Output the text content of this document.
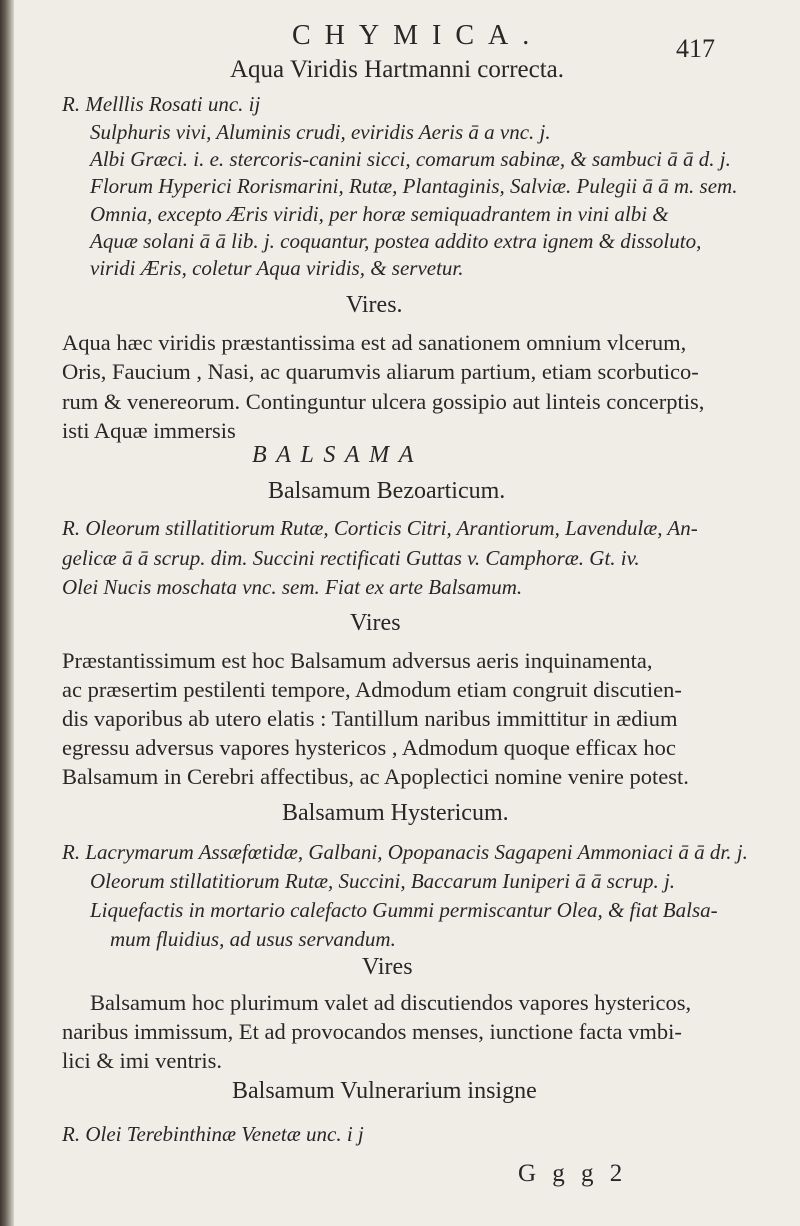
CHYMICA.	417
Aqua Viridis Hartmanni correcta.
R. Melllis Rosati unc. ij
Sulphuris vivi, Aluminis crudi, eviridis Aeris ā a vnc. j.
Albi Græci. i. e. stercoris-canini sicci, comarum sabinæ, & sambuci ā ā d. j.
Florum Hyperici Rorismarini, Rutæ, Plantaginis, Salviæ. Pulegii ā ā m. sem.
Omnia, excepto Æris viridi, per horæ semiquadrantem in vini albi &
Aquæ solani ā ā lib. j. coquantur, postea addito extra ignem & dissoluto,
viridi Æris, coletur Aqua viridis, & servetur.
Vires.
Aqua hæc viridis præstantissima est ad sanationem omnium vlcerum,
Oris, Faucium , Nasi, ac quarumvis aliarum partium, etiam scorbutico-
rum & venereorum. Continguntur ulcera gossipio aut linteis concerptis,
isti Aquæ immersis
B A L S A M A
Balsamum Bezoarticum.
R. Oleorum stillatitiorum Rutæ, Corticis Citri, Arantiorum, Lavendulæ, An-
gelicæ ā ā scrup. dim. Succini rectificati Guttas v. Camphoræ. Gt. iv.
Olei Nucis moschata vnc. sem. Fiat ex arte Balsamum.
Vires
Præstantissimum est hoc Balsamum adversus aeris inquinamenta,
ac præsertim pestilenti tempore, Admodum etiam congruit discutien-
dis vaporibus ab utero elatis : Tantillum naribus immittitur in ædium
egressu adversus vapores hystericos , Admodum quoque efficax hoc
Balsamum in Cerebri affectibus, ac Apoplectici nomine venire potest.
Balsamum Hystericum.
R. Lacrymarum Assæfœtidæ, Galbani, Opopanacis Sagapeni Ammoniaci ā ā dr. j.
Oleorum stillatitiorum Rutæ, Succini, Baccarum Iuniperi ā ā scrup. j.
Liquefactis in mortario calefacto Gummi permiscantur Olea, & fiat Balsa-
mum fluidius, ad usus servandum.
Vires
Balsamum hoc plurimum valet ad discutiendos vapores hystericos,
naribus immissum, Et ad provocandos menses, iunctione facta vmbi-
lici & imi ventris.
Balsamum Vulnerarium insigne
R. Olei Terebinthinæ Venetæ unc. i j
G g g 2
